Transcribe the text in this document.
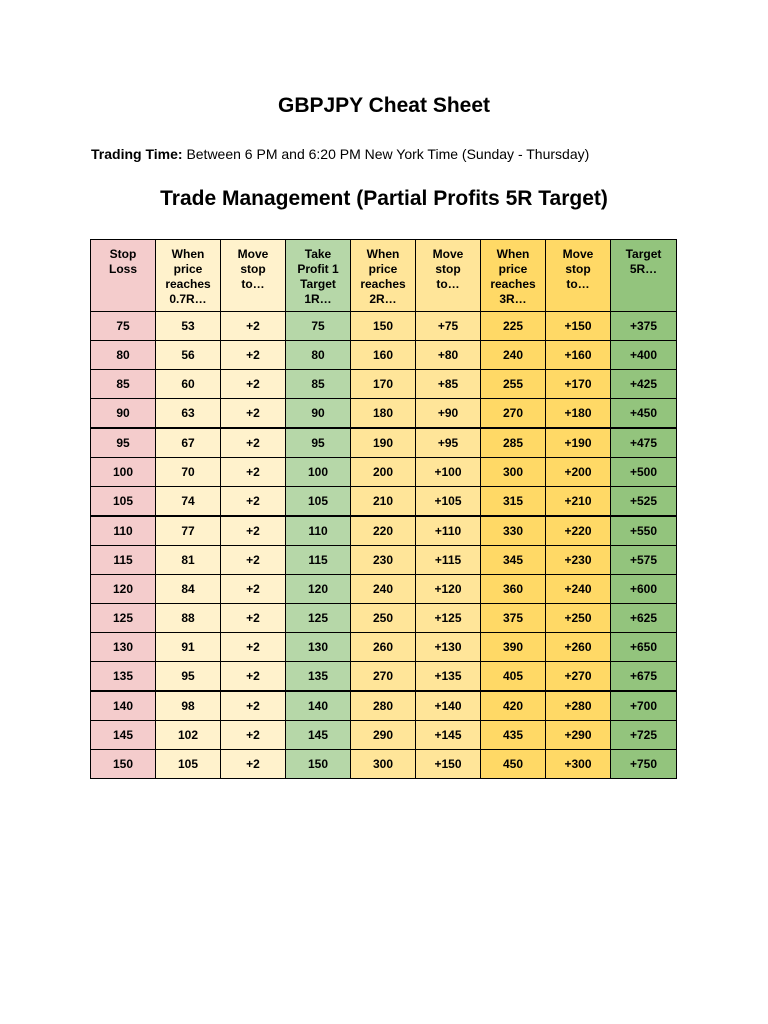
GBPJPY Cheat Sheet
Trading Time: Between 6 PM and 6:20 PM New York Time (Sunday - Thursday)
Trade Management (Partial Profits 5R Target)
Stop
Loss	When
price
reaches
0.7R…	Move
stop
to…	Take
Profit 1
Target
1R…	When
price
reaches
2R…	Move
stop
to…	When
price
reaches
3R…	Move
stop
to…	Target
5R…
75	53	+2	75	150	+75	225	+150	+375
80	56	+2	80	160	+80	240	+160	+400
85	60	+2	85	170	+85	255	+170	+425
90	63	+2	90	180	+90	270	+180	+450
95	67	+2	95	190	+95	285	+190	+475
100	70	+2	100	200	+100	300	+200	+500
105	74	+2	105	210	+105	315	+210	+525
110	77	+2	110	220	+110	330	+220	+550
115	81	+2	115	230	+115	345	+230	+575
120	84	+2	120	240	+120	360	+240	+600
125	88	+2	125	250	+125	375	+250	+625
130	91	+2	130	260	+130	390	+260	+650
135	95	+2	135	270	+135	405	+270	+675
140	98	+2	140	280	+140	420	+280	+700
145	102	+2	145	290	+145	435	+290	+725
150	105	+2	150	300	+150	450	+300	+750
